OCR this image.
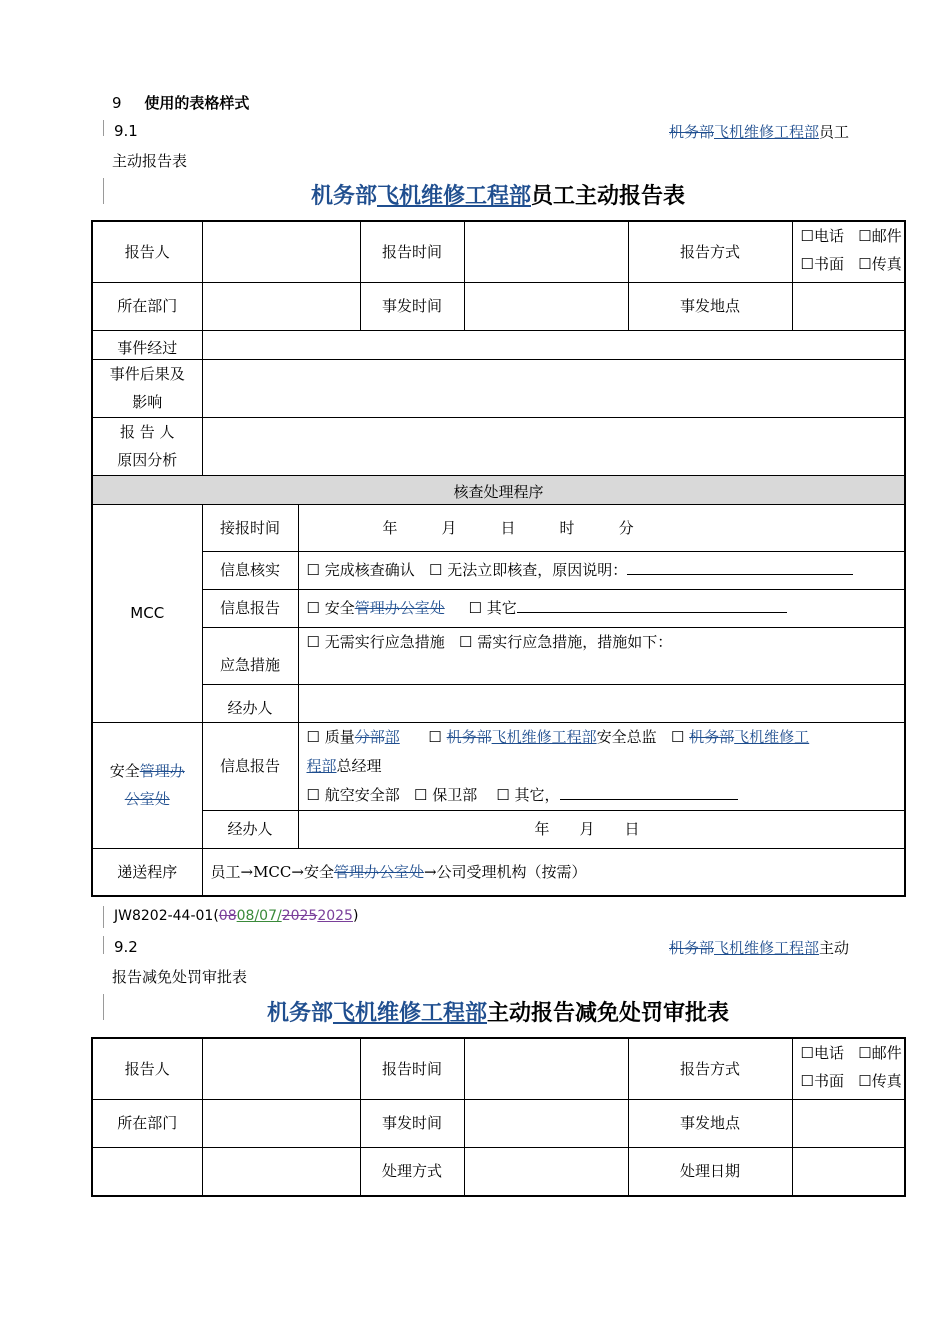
9 使用的表格样式
9.1	机务部飞机维修工程部员工
主动报告表
机务部飞机维修工程部员工主动报告表
报告人			报告时间		报告方式	☐电话 ☐邮件
☐书面 ☐传真
所在部门			事发时间		事发地点	
事件经过						
事件后果及
影响						
报 告 人
原因分析						
核查处理程序						
MCC	接报时间	年 月 日 时 分				
	信息核实	☐ 完成核查确认 ☐ 无法立即核查，原因说明：				
	信息报告	☐ 安全管理办公室处 ☐ 其它				
	应急措施	☐ 无需实行应急措施 ☐ 需实行应急措施，措施如下：				
	经办人					
安全管理办
公室处	信息报告	☐ 质量分部部 ☐ 机务部飞机维修工程部安全总监 ☐ 机务部飞机维修工
程部总经理
☐ 航空安全部 ☐ 保卫部 ☐ 其它，				
	经办人	年 月 日				
递送程序	员工→MCC→安全管理办公室处→公司受理机构（按需）					
JW8202-44-01(0808/07/20252025)
9.2	机务部飞机维修工程部主动
报告减免处罚审批表
机务部飞机维修工程部主动报告减免处罚审批表
报告人		报告时间		报告方式	☐电话 ☐邮件
☐书面 ☐传真
所在部门		事发时间		事发地点	
		处理方式		处理日期	
